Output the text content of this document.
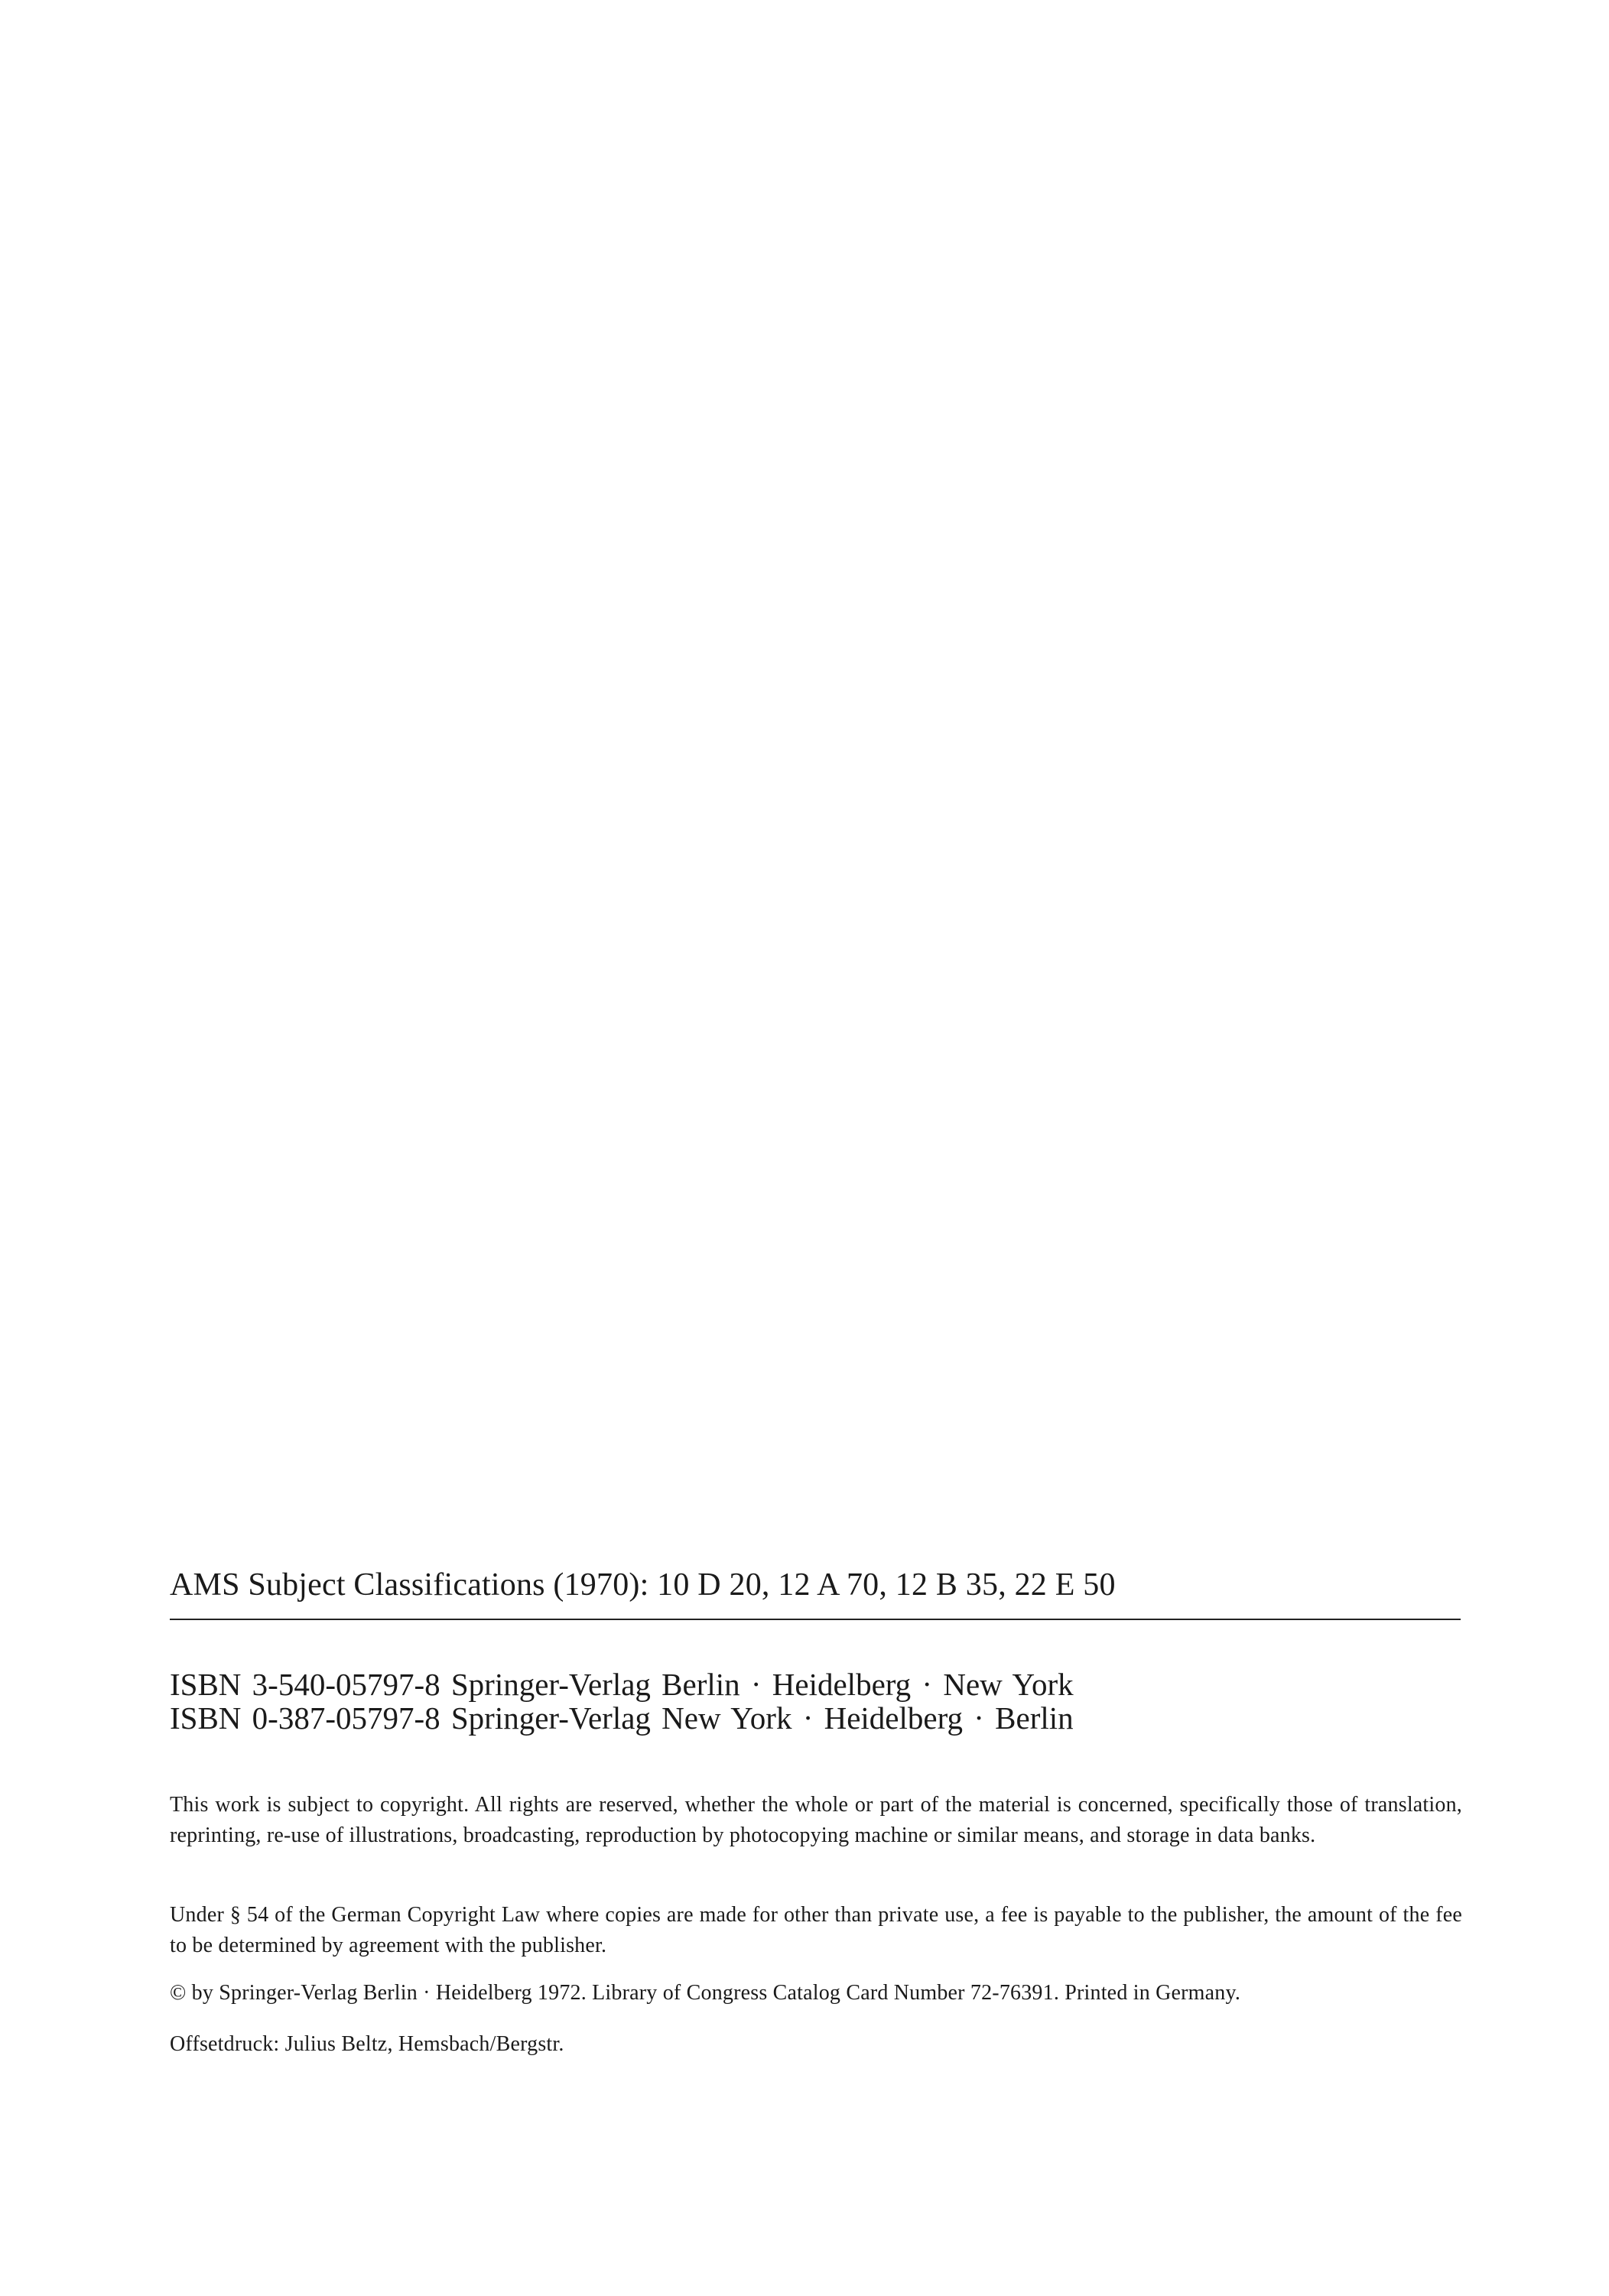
AMS Subject Classifications (1970): 10 D 20, 12 A 70, 12 B 35, 22 E 50
ISBN 3-540-05797-8 Springer-Verlag Berlin · Heidelberg · New York
ISBN 0-387-05797-8 Springer-Verlag New York · Heidelberg · Berlin
This work is subject to copyright. All rights are reserved, whether the whole or part of the material is concerned, specifically those of translation, reprinting, re-use of illustrations, broadcasting, reproduction by photocopying machine or similar means, and storage in data banks.
Under § 54 of the German Copyright Law where copies are made for other than private use, a fee is payable to the publisher, the amount of the fee to be determined by agreement with the publisher.
© by Springer-Verlag Berlin · Heidelberg 1972. Library of Congress Catalog Card Number 72-76391. Printed in Germany.
Offsetdruck: Julius Beltz, Hemsbach/Bergstr.
